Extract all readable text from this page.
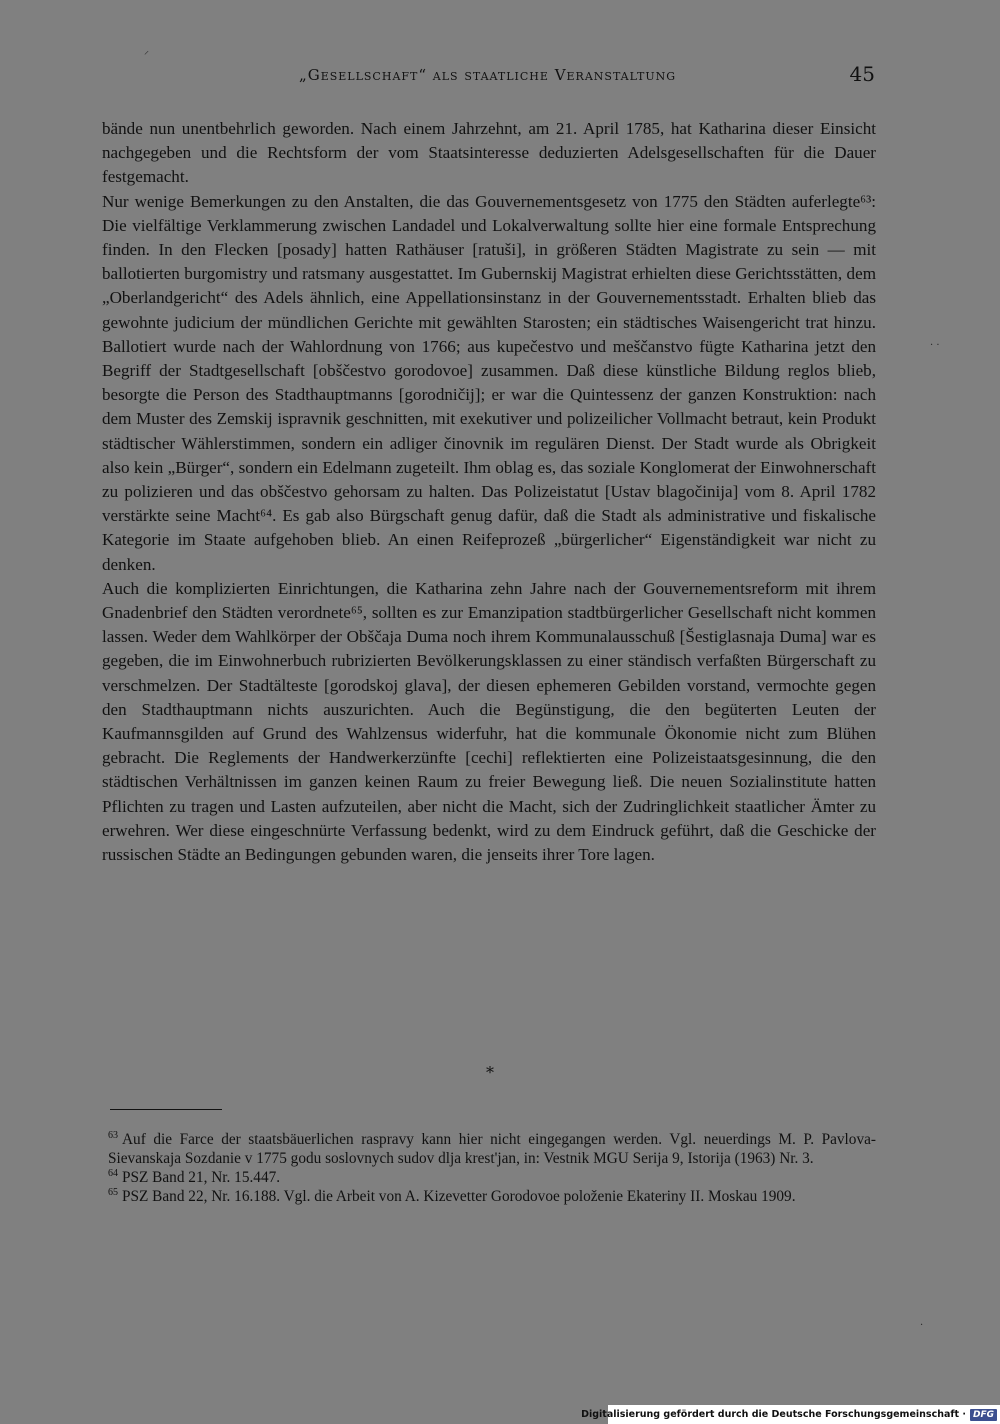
„Gesellschaft“ als staatliche Veranstaltung	45
⸍
· ·
·

bände nun unentbehrlich geworden. Nach einem Jahrzehnt, am 21. April 1785, hat Katharina dieser Einsicht nachgegeben und die Rechtsform der vom Staatsinteresse deduzierten Adelsgesellschaften für die Dauer festgemacht.

Nur wenige Bemerkungen zu den Anstalten, die das Gouvernementsgesetz von 1775 den Städten auferlegte⁶³: Die vielfältige Verklammerung zwischen Landadel und Lokalverwaltung sollte hier eine formale Entsprechung finden. In den Flecken [posady] hatten Rathäuser [ratuši], in größeren Städten Magistrate zu sein — mit ballotierten burgomistry und ratsmany ausgestattet. Im Gubernskij Magistrat erhielten diese Gerichtsstätten, dem „Oberlandgericht“ des Adels ähnlich, eine Appellationsinstanz in der Gouvernementsstadt. Erhalten blieb das gewohnte judicium der mündlichen Gerichte mit gewählten Starosten; ein städtisches Waisengericht trat hinzu. Ballotiert wurde nach der Wahlordnung von 1766; aus kupečestvo und meščanstvo fügte Katharina jetzt den Begriff der Stadtgesellschaft [obščestvo gorodovoe] zusammen. Daß diese künstliche Bildung reglos blieb, besorgte die Person des Stadthauptmanns [gorodničij]; er war die Quintessenz der ganzen Konstruktion: nach dem Muster des Zemskij ispravnik geschnitten, mit exekutiver und polizeilicher Vollmacht betraut, kein Produkt städtischer Wählerstimmen, sondern ein adliger činovnik im regulären Dienst. Der Stadt wurde als Obrigkeit also kein „Bürger“, sondern ein Edelmann zugeteilt. Ihm oblag es, das soziale Konglomerat der Einwohnerschaft zu polizieren und das obščestvo gehorsam zu halten. Das Polizeistatut [Ustav blagočinija] vom 8. April 1782 verstärkte seine Macht⁶⁴. Es gab also Bürgschaft genug dafür, daß die Stadt als administrative und fiskalische Kategorie im Staate aufgehoben blieb. An einen Reifeprozeß „bürgerlicher“ Eigenständigkeit war nicht zu denken.

Auch die komplizierten Einrichtungen, die Katharina zehn Jahre nach der Gouvernementsreform mit ihrem Gnadenbrief den Städten verordnete⁶⁵, sollten es zur Emanzipation stadtbürgerlicher Gesellschaft nicht kommen lassen. Weder dem Wahlkörper der Obščaja Duma noch ihrem Kommunalausschuß [Šestiglasnaja Duma] war es gegeben, die im Einwohnerbuch rubrizierten Bevölkerungsklassen zu einer ständisch verfaßten Bürgerschaft zu verschmelzen. Der Stadtälteste [gorodskoj glava], der diesen ephemeren Gebilden vorstand, vermochte gegen den Stadthauptmann nichts auszurichten. Auch die Begünstigung, die den begüterten Leuten der Kaufmannsgilden auf Grund des Wahlzensus widerfuhr, hat die kommunale Ökonomie nicht zum Blühen gebracht. Die Reglements der Handwerkerzünfte [cechi] reflektierten eine Polizeistaatsgesinnung, die den städtischen Verhältnissen im ganzen keinen Raum zu freier Bewegung ließ. Die neuen Sozialinstitute hatten Pflichten zu tragen und Lasten aufzuteilen, aber nicht die Macht, sich der Zudringlichkeit staatlicher Ämter zu erwehren. Wer diese eingeschnürte Verfassung bedenkt, wird zu dem Eindruck geführt, daß die Geschicke der russischen Städte an Bedingungen gebunden waren, die jenseits ihrer Tore lagen.

*

$^{63}$ Auf die Farce der staatsbäuerlichen raspravy kann hier nicht eingegangen werden. Vgl. neuerdings M. P. Pavlova-Sievanskaja Sozdanie v 1775 godu soslovnych sudov dlja krest'jan, in: Vestnik MGU Serija 9, Istorija (1963) Nr. 3.

$^{64}$ PSZ Band 21, Nr. 15.447.

$^{65}$ PSZ Band 22, Nr. 16.188. Vgl. die Arbeit von A. Kizevetter Gorodovoe položenie Ekateriny II. Moskau 1909.

Digitalisierung gefördert durch die Deutsche Forschungsgemeinschaft · DFG
